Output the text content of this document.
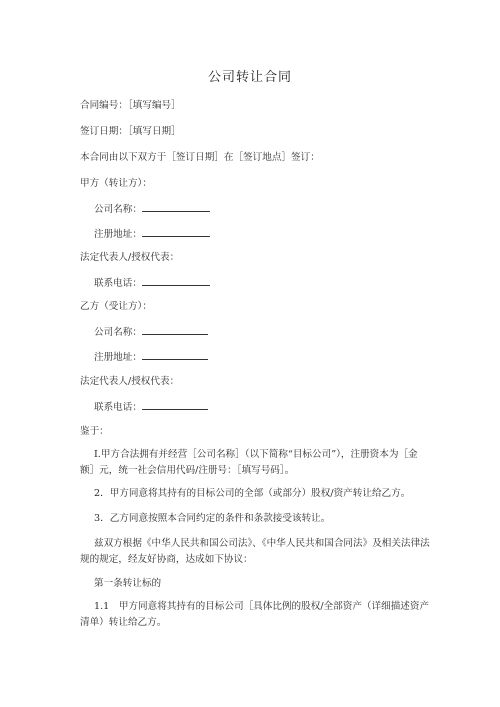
公司转让合同
合同编号：［填写编号］
签订日期：［填写日期］
本合同由以下双方于［签订日期］在［签订地点］签订：
甲方（转让方）：
公司名称：
注册地址：
法定代表人/授权代表：
联系电话：
乙方（受让方）：
公司名称：
注册地址：
法定代表人/授权代表：
联系电话：
鉴于：
I.甲方合法拥有并经营［公司名称］（以下简称“目标公司”），注册资本为［金额］元，统一社会信用代码/注册号：［填写号码］。
2．甲方同意将其持有的目标公司的全部（或部分）股权/资产转让给乙方。
3．乙方同意按照本合同约定的条件和条款接受该转让。
兹双方根据《中华人民共和国公司法》、《中华人民共和国合同法》及相关法律法规的规定，经友好协商，达成如下协议：
第一条转让标的
1.1　甲方同意将其持有的目标公司［具体比例的股权/全部资产（详细描述资产清单）转让给乙方。
